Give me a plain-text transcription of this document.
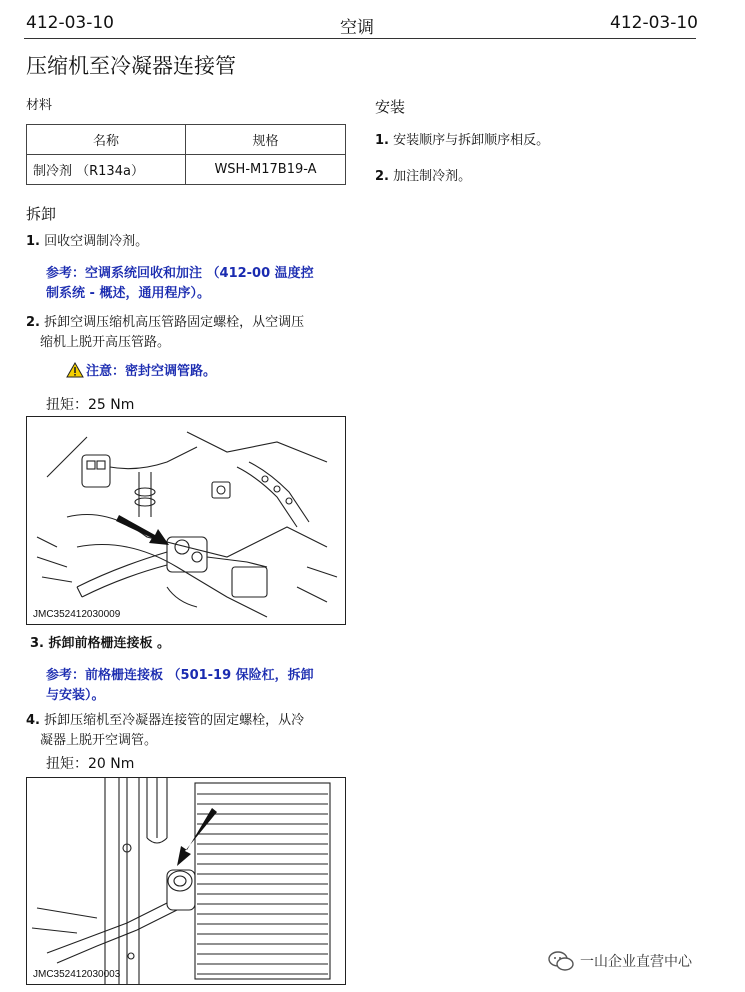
412-03-10	空调	412-03-10
压缩机至冷凝器连接管
材料
名称	规格
制冷剂 （R134a）	WSH-M17B19-A
拆卸
1. 回收空调制冷剂。
参考：空调系统回收和加注 （412-00 温度控
制系统 - 概述，通用程序）。
2. 拆卸空调压缩机高压管路固定螺栓，从空调压
缩机上脱开高压管路。
注意：密封空调管路。
扭矩：25 Nm
JMC352412030009
3. 拆卸前格栅连接板 。
参考：前格栅连接板 （501-19 保险杠，拆卸
与安装）。
4. 拆卸压缩机至冷凝器连接管的固定螺栓，从冷
凝器上脱开空调管。
扭矩：20 Nm
JMC352412030003
安装
1. 安装顺序与拆卸顺序相反。
2. 加注制冷剂。
一山企业直营中心
